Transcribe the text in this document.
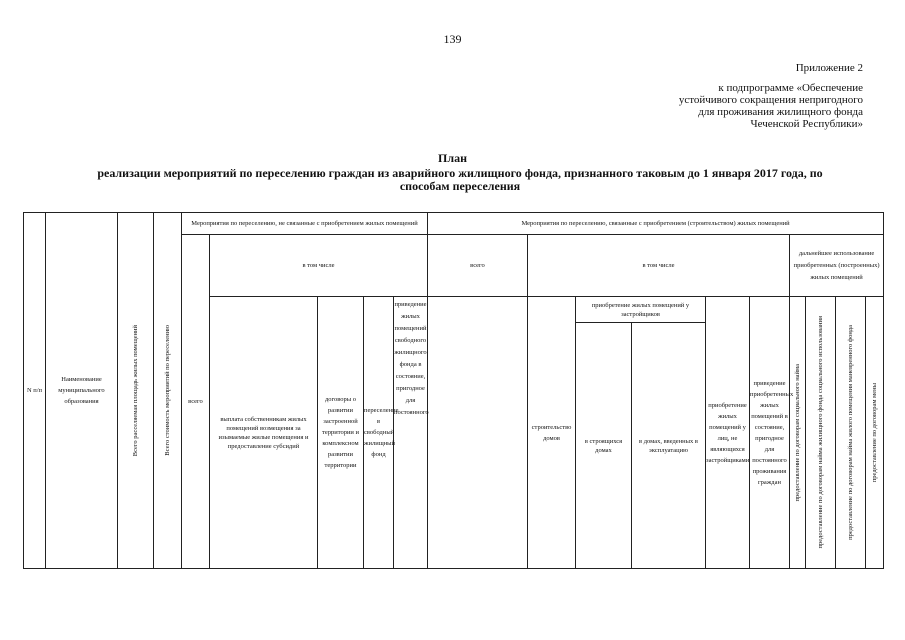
139
Приложение 2
к подпрограмме «Обеспечение
устойчивого сокращения непригодного
для проживания жилищного фонда
Чеченской Республики»
План
реализации мероприятий по переселению граждан из аварийного жилищного фонда, признанного таковым до 1 января 2017 года, по способам переселения
N п/п	Наименование муниципального образования	Всего расселяемая площадь жилых помещений	Всего стоимость мероприятий по переселению	Мероприятия по переселению, не связанные с приобретением жилых помещений					Мероприятия по переселению, связанные с приобретением (строительством) жилых помещений									
				всего	в том числе				всего	в том числе					дальнейшее использование приобретенных (построенных) жилых помещений			
					выплата собственникам жилых помещений возмещения за изымаемые жилые помещения и предоставление субсидий	договоры о развитии застроенной территории и комплексном развитии территории	переселение в свободный жилищный фонд	приведение жилых помещений свободного жилищного фонда в состояние, пригодное для постоянного		строительство домов	приобретение жилых помещений у застройщиков		приобретение жилых помещений у лиц, не являющихся застройщиками	приведение приобретенных жилых помещений в состояние, пригодное для постоянного проживания граждан	предоставление по договорам социального найма	предоставление по договорам найма жилищного фонда социального использования	предоставление по договорам найма жилого помещения маневренного фонда	предоставление по договорам мены

											в строящихся домах	в домах, введенных в эксплуатацию						
